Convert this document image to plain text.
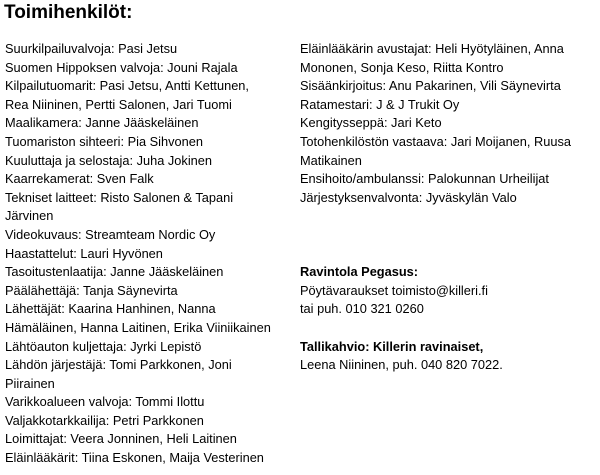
Toimihenkilöt:
Suurkilpailuvalvoja: Pasi Jetsu
Suomen Hippoksen valvoja: Jouni Rajala
Kilpailutuomarit: Pasi Jetsu, Antti Kettunen,
Rea Niininen, Pertti Salonen, Jari Tuomi
Maalikamera: Janne Jääskeläinen
Tuomariston sihteeri: Pia Sihvonen
Kuuluttaja ja selostaja: Juha Jokinen
Kaarrekamerat: Sven Falk
Tekniset laitteet: Risto Salonen & Tapani
Järvinen
Videokuvaus: Streamteam Nordic Oy
Haastattelut: Lauri Hyvönen
Tasoitustenlaatija: Janne Jääskeläinen
Päälähettäjä: Tanja Säynevirta
Lähettäjät: Kaarina Hanhinen, Nanna
Hämäläinen, Hanna Laitinen, Erika Viiniikainen
Lähtöauton kuljettaja: Jyrki Lepistö
Lähdön järjestäjä: Tomi Parkkonen, Joni
Piirainen
Varikkoalueen valvoja: Tommi Ilottu
Valjakkotarkkailija: Petri Parkkonen
Loimittajat: Veera Jonninen, Heli Laitinen
Eläinlääkärit: Tiina Eskonen, Maija Vesterinen
Eläinlääkärin avustajat: Heli Hyötyläinen, Anna
Mononen, Sonja Keso, Riitta Kontro
Sisäänkirjoitus: Anu Pakarinen, Vili Säynevirta
Ratamestari: J & J Trukit Oy
Kengitysseppä: Jari Keto
Totohenkilöstön vastaava: Jari Moijanen, Ruusa
Matikainen
Ensihoito/ambulanssi: Palokunnan Urheilijat
Järjestyksenvalvonta: Jyväskylän Valo
Ravintola Pegasus:
Pöytävaraukset toimisto@killeri.fi
tai puh. 010 321 0260
Tallikahvio: Killerin ravinaiset,
Leena Niininen, puh. 040 820 7022.
